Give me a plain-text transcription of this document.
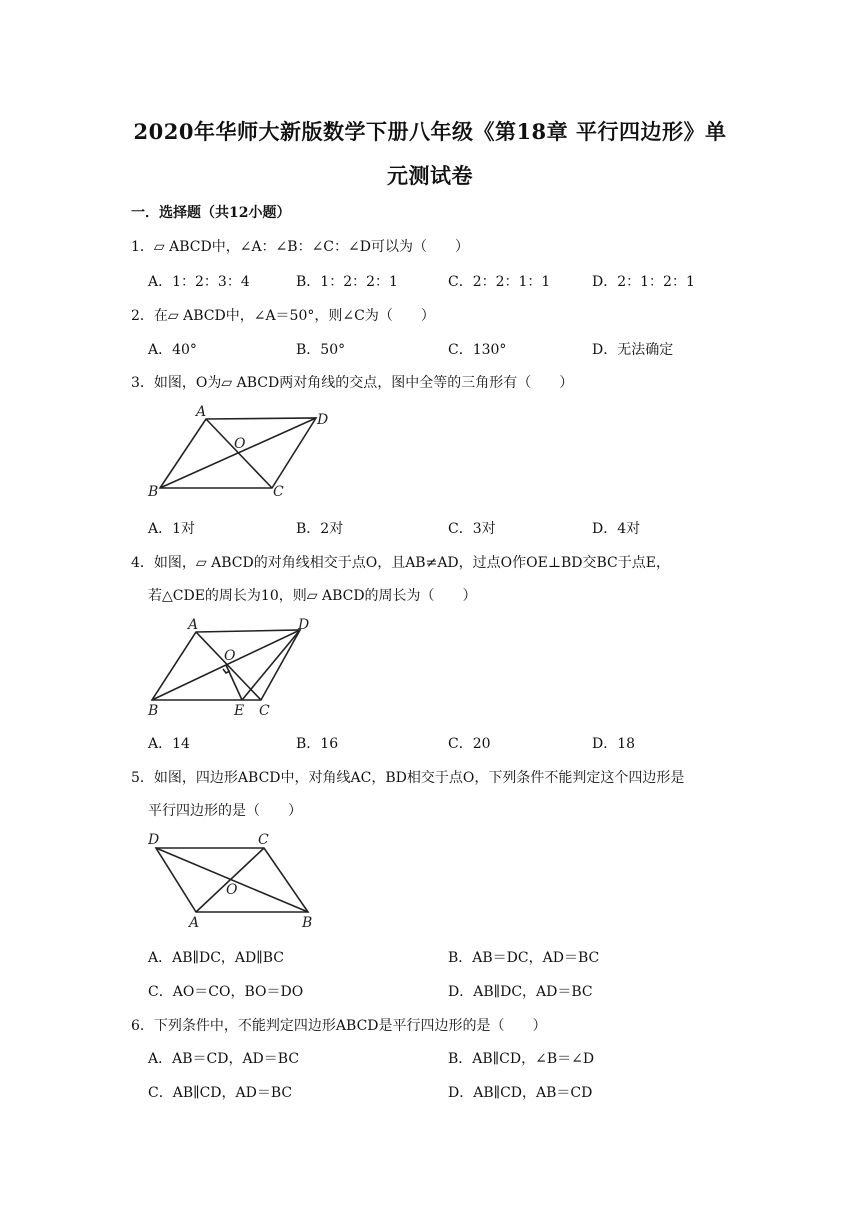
2020年华师大新版数学下册八年级《第18章 平行四边形》单
元测试卷
一．选择题（共12小题）
1．▱ ABCD中，∠A：∠B：∠C：∠D可以为（　　）
A．1：2：3：4	B．1：2：2：1	C．2：2：1：1	D．2：1：2：1
2．在▱ ABCD中，∠A＝50°，则∠C为（　　）
A．40°	B．50°	C．130°	D．无法确定
3．如图，O为▱ ABCD两对角线的交点，图中全等的三角形有（　　）
A	D
O
B	C
A．1对	B．2对	C．3对	D．4对
4．如图，▱ ABCD的对角线相交于点O，且AB≠AD，过点O作OE⊥BD交BC于点E，
若△CDE的周长为10，则▱ ABCD的周长为（　　）
A	D
O
B	E C
A．14	B．16	C．20	D．18
5．如图，四边形ABCD中，对角线AC，BD相交于点O，下列条件不能判定这个四边形是
平行四边形的是（　　）
D	C
O
A	B
A．AB∥DC，AD∥BC	B．AB＝DC，AD＝BC
C．AO＝CO，BO＝DO	D．AB∥DC，AD＝BC
6．下列条件中，不能判定四边形ABCD是平行四边形的是（　　）
A．AB＝CD，AD＝BC	B．AB∥CD，∠B＝∠D
C．AB∥CD，AD＝BC	D．AB∥CD，AB＝CD
